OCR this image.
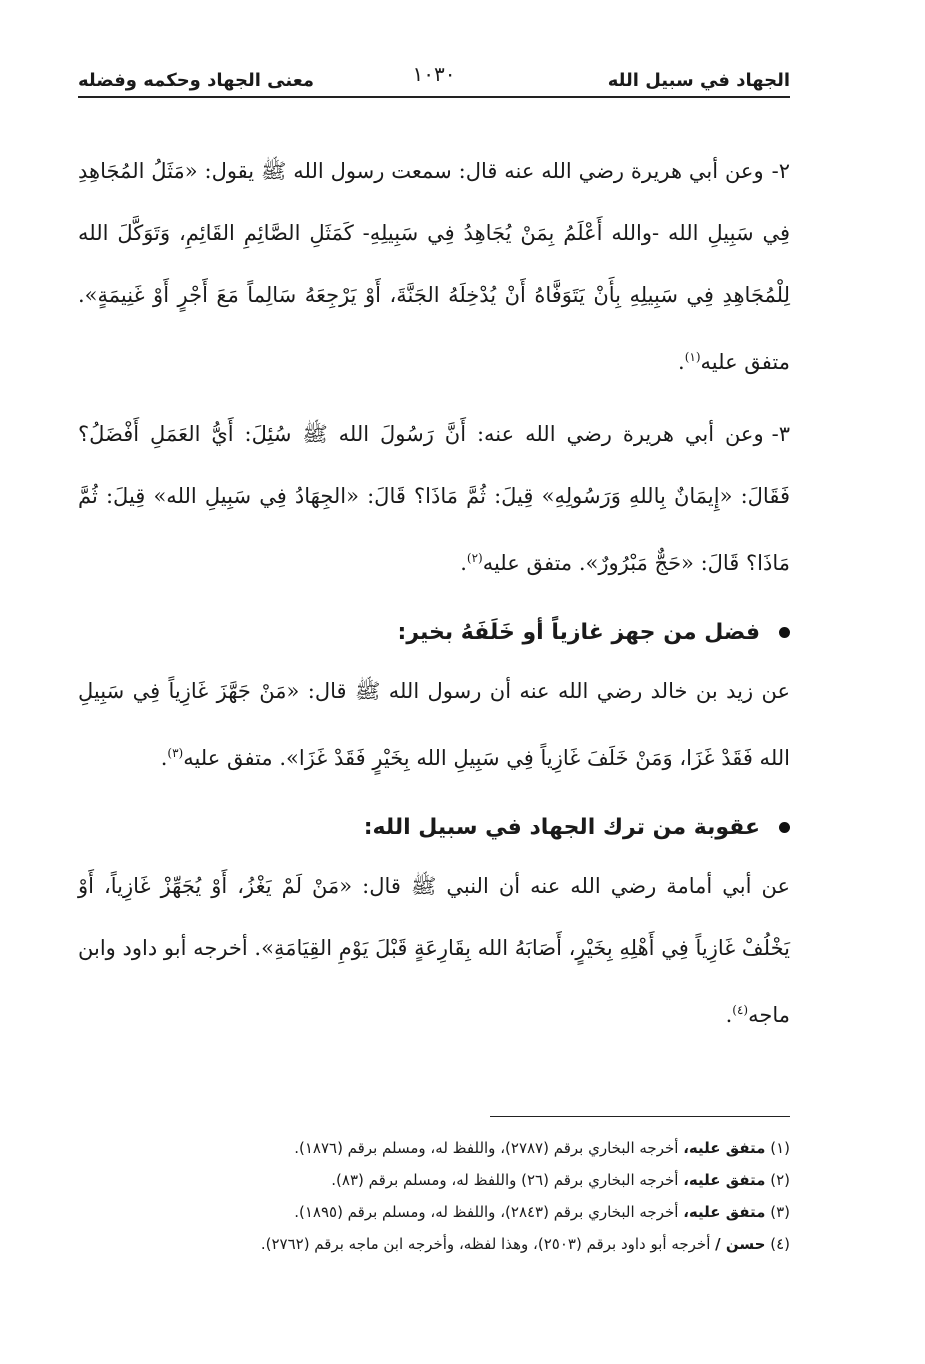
الجهاد في سبيل الله
١٠٣٠
معنى الجهاد وحكمه وفضله

٢-وعن أبي هريرة رضي الله عنه قال: سمعت رسول الله ﷺ يقول: «مَثَلُ المُجَاهِدِ فِي سَبِيلِ الله -والله أَعْلَمُ بِمَنْ يُجَاهِدُ فِي سَبِيلِهِ- كَمَثَلِ الصَّائِمِ القَائِمِ، وَتَوَكَّلَ الله لِلْمُجَاهِدِ فِي سَبِيلِهِ بِأَنْ يَتَوَفَّاهُ أَنْ يُدْخِلَهُ الجَنَّةَ، أَوْ يَرْجِعَهُ سَالِماً مَعَ أَجْرٍ أَوْ غَنِيمَةٍ». متفق عليه$^{(١)}$.

٣-وعن أبي هريرة رضي الله عنه: أَنَّ رَسُولَ الله ﷺ سُئِلَ: أَيُّ العَمَلِ أَفْضَلُ؟ فَقَالَ: «إِيمَانٌ بِاللهِ وَرَسُولِهِ» قِيلَ: ثُمَّ مَاذَا؟ قَالَ: «الجِهَادُ فِي سَبِيلِ الله» قِيلَ: ثُمَّ مَاذَا؟ قَالَ: «حَجٌّ مَبْرُورٌ». متفق عليه$^{(٢)}$.

فضل من جهز غازياً أو خَلَفَهُ بخير:

عن زيد بن خالد رضي الله عنه أن رسول الله ﷺ قال: «مَنْ جَهَّزَ غَازِياً فِي سَبِيلِ الله فَقَدْ غَزَا، وَمَنْ خَلَفَ غَازِياً فِي سَبِيلِ الله بِخَيْرٍ فَقَدْ غَزَا». متفق عليه$^{(٣)}$.

عقوبة من ترك الجهاد في سبيل الله:

عن أبي أمامة رضي الله عنه أن النبي ﷺ قال: «مَنْ لَمْ يَغْزُ، أَوْ يُجَهِّزْ غَازِياً، أَوْ يَخْلُفْ غَازِياً فِي أَهْلِهِ بِخَيْرٍ، أَصَابَهُ الله بِقَارِعَةٍ قَبْلَ يَوْمِ القِيَامَةِ». أخرجه أبو داود وابن ماجه$^{(٤)}$.

(١) متفق عليه، أخرجه البخاري برقم (٢٧٨٧)، واللفظ له، ومسلم برقم (١٨٧٦).

(٢) متفق عليه، أخرجه البخاري برقم (٢٦) واللفظ له، ومسلم برقم (٨٣).

(٣) متفق عليه، أخرجه البخاري برقم (٢٨٤٣)، واللفظ له، ومسلم برقم (١٨٩٥).

(٤) حسن / أخرجه أبو داود برقم (٢٥٠٣)، وهذا لفظه، وأخرجه ابن ماجه برقم (٢٧٦٢).
